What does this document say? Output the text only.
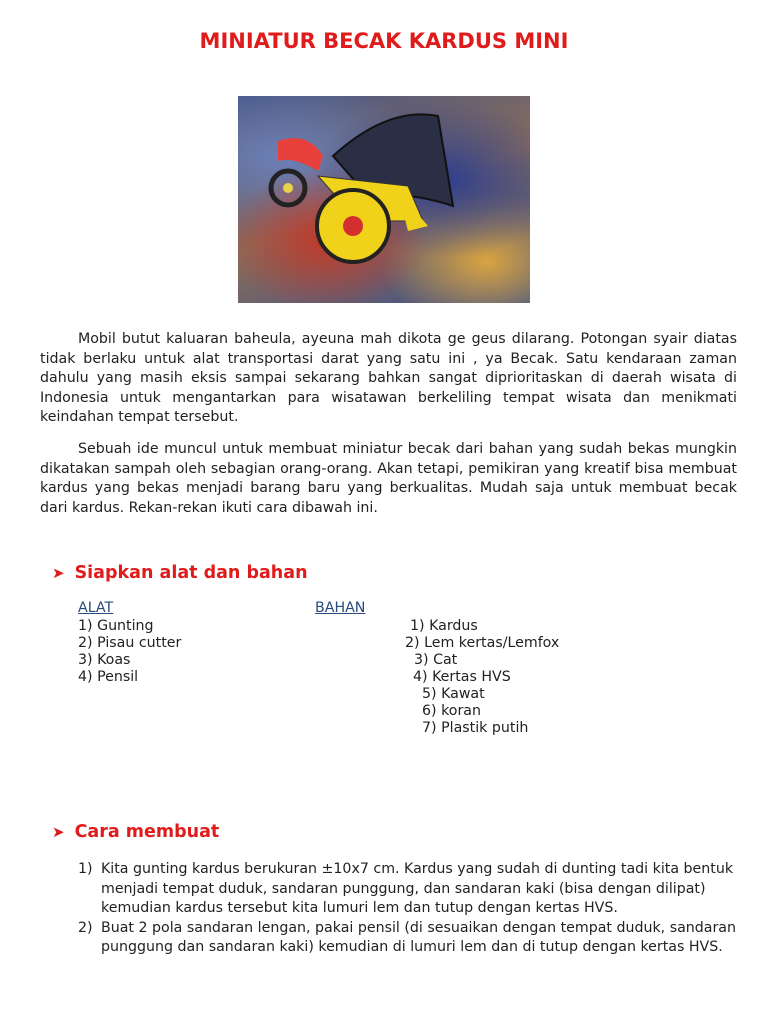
MINIATUR BECAK KARDUS MINI
Mobil butut kaluaran baheula, ayeuna mah dikota ge geus dilarang. Potongan syair diatas tidak berlaku untuk alat transportasi darat yang satu ini , ya Becak. Satu kendaraan zaman dahulu yang masih eksis sampai sekarang bahkan sangat diprioritaskan di daerah wisata di Indonesia untuk mengantarkan para wisatawan berkeliling tempat wisata dan menikmati keindahan tempat tersebut.
Sebuah ide muncul untuk membuat miniatur becak dari bahan yang sudah bekas mungkin dikatakan sampah oleh sebagian orang-orang. Akan tetapi, pemikiran yang kreatif bisa membuat kardus yang bekas menjadi barang baru yang berkualitas. Mudah saja untuk membuat becak dari kardus. Rekan-rekan ikuti cara dibawah ini.
➤ Siapkan alat dan bahan
ALAT	BAHAN
1) Gunting
2) Pisau cutter
3) Koas
4) Pensil
1) Kardus
2) Lem kertas/Lemfox
3) Cat
4) Kertas HVS
5) Kawat
6) koran
7) Plastik putih
➤ Cara membuat
1) Kita gunting kardus berukuran ±10x7 cm. Kardus yang sudah di dunting tadi kita bentuk menjadi tempat duduk, sandaran punggung, dan sandaran kaki (bisa dengan dilipat) kemudian kardus tersebut kita lumuri lem dan tutup dengan kertas HVS.
2) Buat 2 pola sandaran lengan, pakai pensil (di sesuaikan dengan tempat duduk, sandaran punggung dan sandaran kaki) kemudian di lumuri lem dan di tutup dengan kertas HVS.
